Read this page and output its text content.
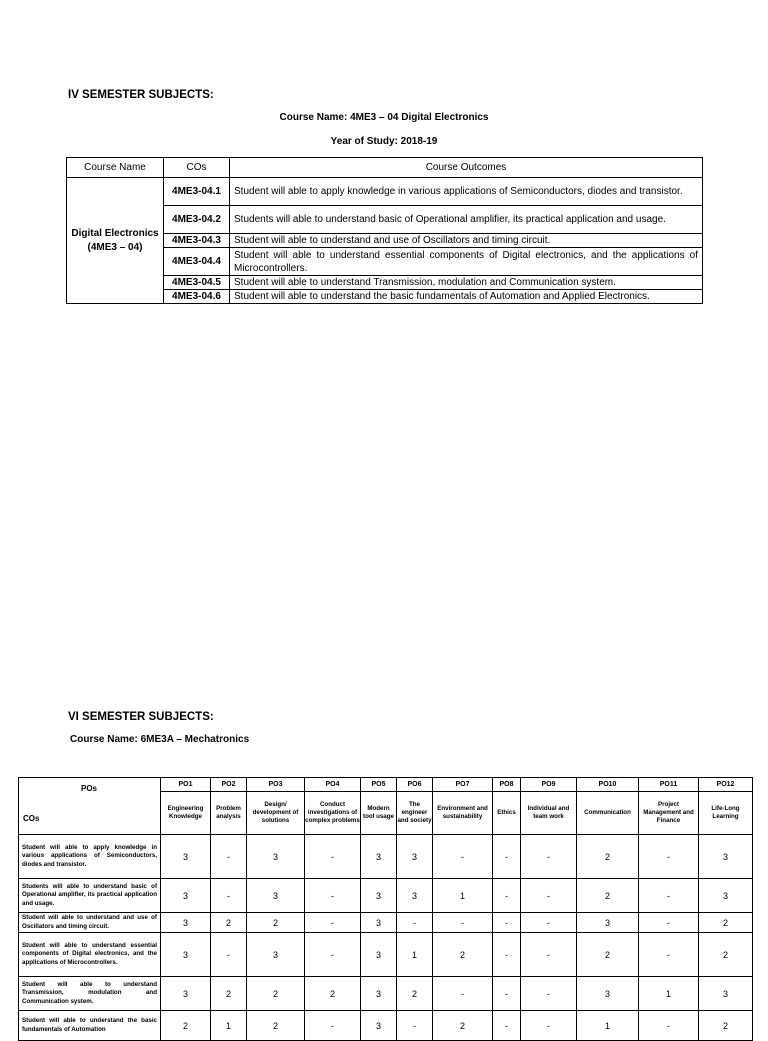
IV SEMESTER SUBJECTS:
Course Name: 4ME3 – 04 Digital Electronics
Year of Study: 2018-19
Course Name	COs	Course Outcomes

Digital Electronics
(4ME3 – 04)	4ME3-04.1	Student will able to apply knowledge in various applications of Semiconductors, diodes and transistor.
	4ME3-04.2	Students will able to understand basic of Operational amplifier, its practical application and usage.
	4ME3-04.3	Student will able to understand and use of Oscillators and timing circuit.
	4ME3-04.4	Student will able to understand essential components of Digital electronics, and the applications of Microcontrollers.
	4ME3-04.5	Student will able to understand Transmission, modulation and Communication system.
	4ME3-04.6	Student will able to understand the basic fundamentals of Automation and Applied Electronics.
VI SEMESTER SUBJECTS:
Course Name: 6ME3A – Mechatronics
POs
COs	PO1	PO2	PO3	PO4	PO5	PO6	PO7	PO8	PO9	PO10	PO11	PO12
	Engineering Knowledge	Problem analysis	Design/ development of solutions	Conduct investigations of complex problems	Modern tool usage	The engineer and society	Environment and sustainability	Ethics	Individual and team work	Communication	Project Management and Finance	Life-Long Learning
Student will able to apply knowledge in various applications of Semiconductors, diodes and transistor.	3	-	3	-	3	3	-	-	-	2	-	3
Students will able to understand basic of Operational amplifier, its practical application and usage.	3	-	3	-	3	3	1	-	-	2	-	3
Student will able to understand and use of Oscillators and timing circuit.	3	2	2	-	3	-	-	-	-	3	-	2
Student will able to understand essential components of Digital electronics, and the applications of Microcontrollers.	3	-	3	-	3	1	2	-	-	2	-	2
Student will able to understand Transmission, modulation and Communication system.	3	2	2	2	3	2	-	-	-	3	1	3
Student will able to understand the basic fundamentals of Automation	2	1	2	-	3	-	2	-	-	1	-	2
